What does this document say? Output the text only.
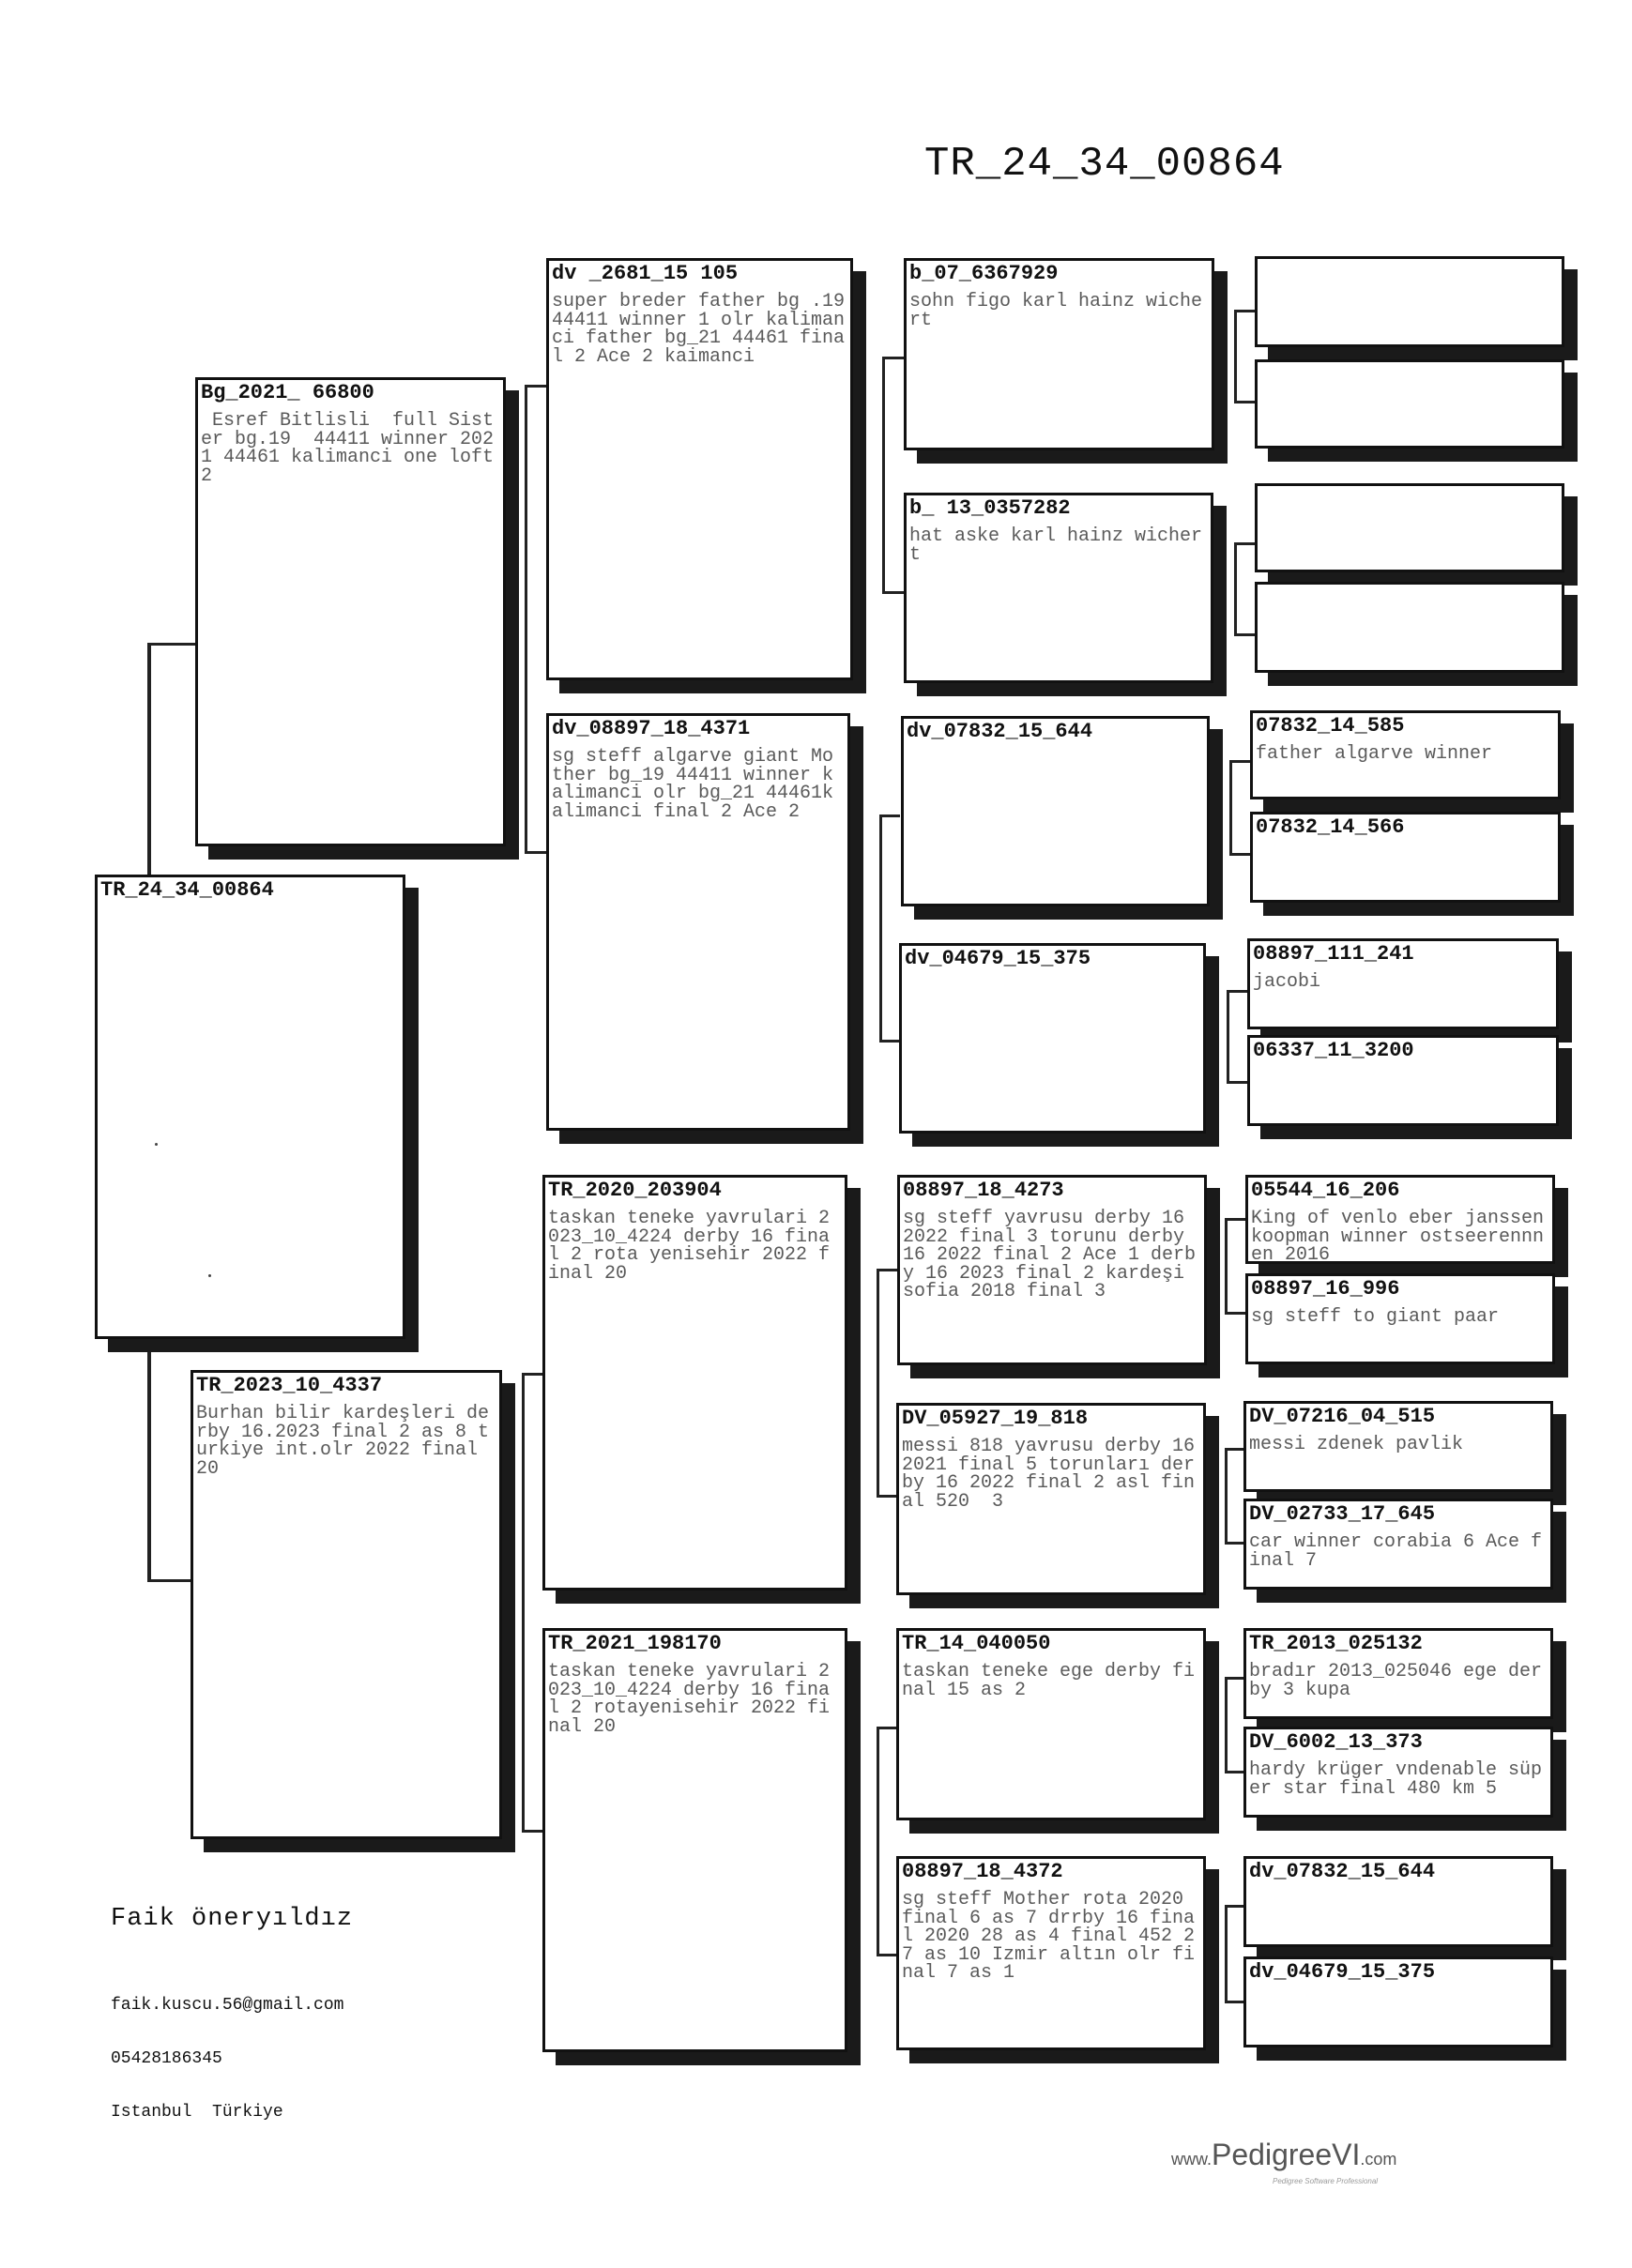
TR_24_34_00864
TR_24_34_00864
Bg_2021_ 66800
Esref Bitlisli  full Sister bg.19  44411 winner 2021 44461 kalimanci one loft 2
TR_2023_10_4337
Burhan bilir kardeşleri derby 16.2023 final 2 as 8 turkiye int.olr 2022 final 20
dv _2681_15 105
super breder father bg .19 44411 winner 1 olr kalimanci father bg_21 44461 final 2 Ace 2 kaimanci
dv_08897_18_4371
sg steff algarve giant Mother bg_19 44411 winner kalimanci olr bg_21 44461kalimanci final 2 Ace 2
TR_2020_203904
taskan teneke yavrulari 2023_10_4224 derby 16 final 2 rota yenisehir 2022 final 20
TR_2021_198170
taskan teneke yavrulari 2023_10_4224 derby 16 final 2 rotayenisehir 2022 final 20
b_07_6367929
sohn figo karl hainz wichert
b_ 13_0357282
hat aske karl hainz wichert
dv_07832_15_644
dv_04679_15_375
08897_18_4273
sg steff yavrusu derby 16 2022 final 3 torunu derby 16 2022 final 2 Ace 1 derby 16 2023 final 2 kardeşi sofia 2018 final 3
DV_05927_19_818
messi 818 yavrusu derby 16 2021 final 5 torunları derby 16 2022 final 2 asl final 520  3
TR_14_040050
taskan teneke ege derby final 15 as 2
08897_18_4372
sg steff Mother rota 2020 final 6 as 7 drrby 16 final 2020 28 as 4 final 452 27 as 10 Izmir altın olr final 7 as 1
07832_14_585
father algarve winner
07832_14_566
08897_111_241
jacobi
06337_11_3200
05544_16_206
King of venlo eber janssen koopman winner ostseerennnen 2016
08897_16_996
sg steff to giant paar
DV_07216_04_515
messi zdenek pavlik
DV_02733_17_645
car winner corabia 6 Ace final 7
TR_2013_025132
bradır 2013_025046 ege derby 3 kupa
DV_6002_13_373
hardy krüger vndenable süper star final 480 km 5
dv_07832_15_644
dv_04679_15_375
Faik öneryıldız

faik.kuscu.56@gmail.com

05428186345

Istanbul  Türkiye

www.PedigreeVI.com
Pedigree Software Professional
